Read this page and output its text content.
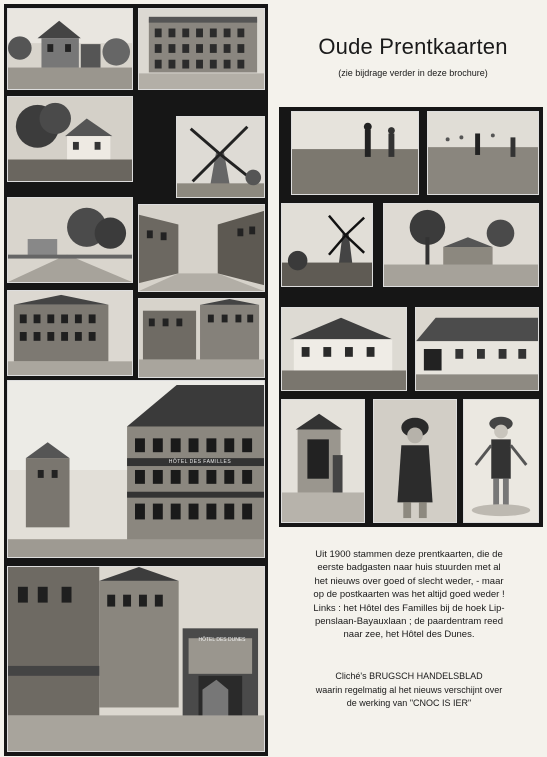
HÔTEL DES FAMILLES
HÔTEL DES DUNES
Oude Prentkaarten
(zie bijdrage verder in deze brochure)
Uit 1900 stammen deze prentkaarten, die de
eerste badgasten naar huis stuurden met al
het nieuws over goed of slecht weder, - maar
op de postkaarten was het altijd goed weder !
Links : het Hôtel des Familles bij de hoek Lip-
penslaan-Bayauxlaan ; de paardentram reed
naar zee, het Hôtel des Dunes.
Cliché's BRUGSCH HANDELSBLAD
waarin regelmatig al het nieuws verschijnt over
de werking van "CNOC IS IER"
